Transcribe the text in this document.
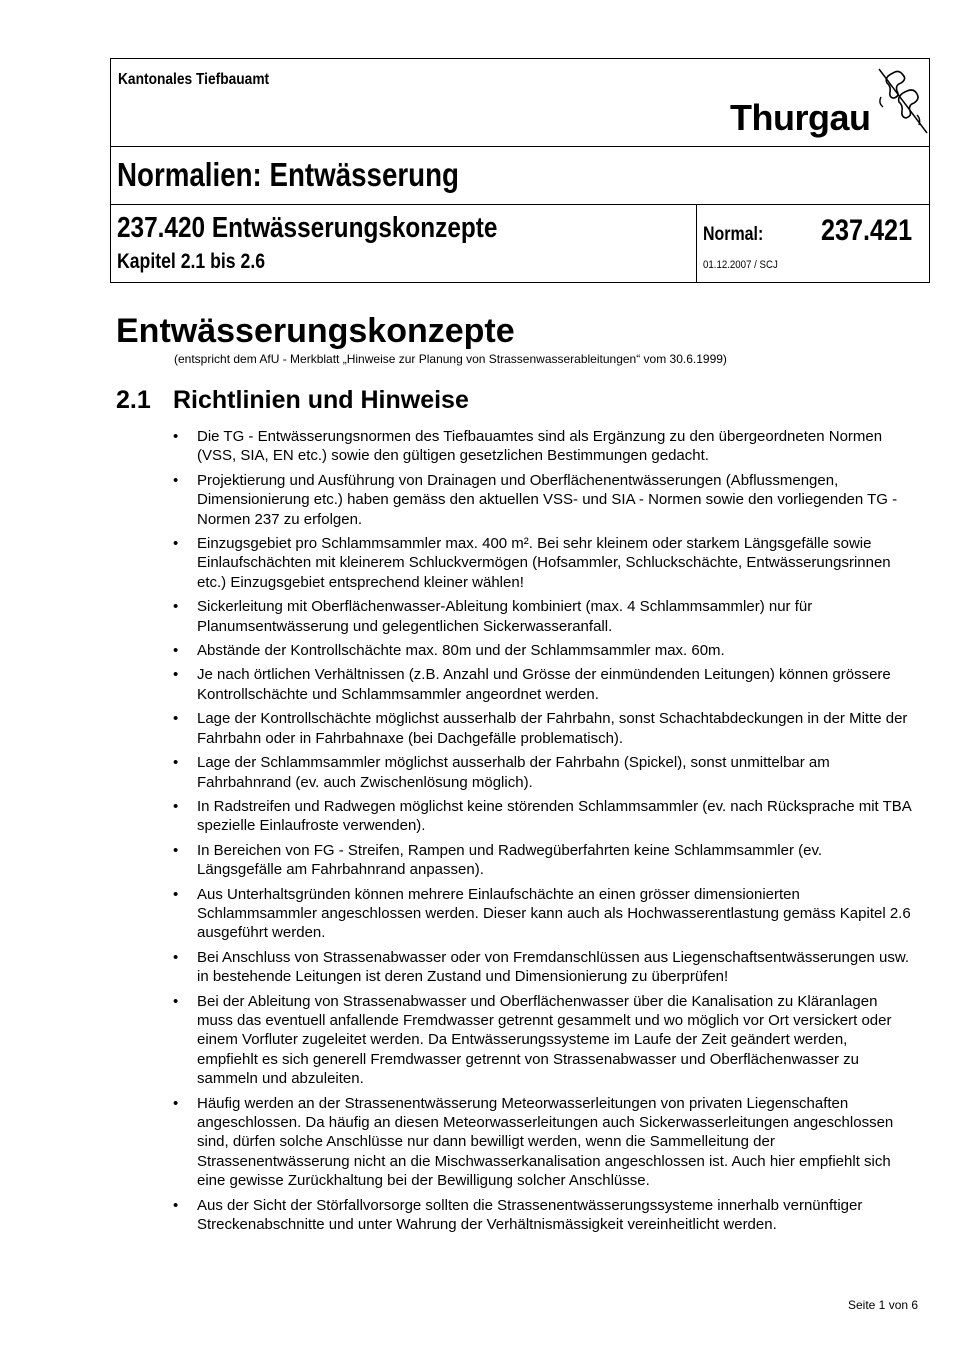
Kantonales Tiefbauamt
Thurgau
Normalien: Entwässerung
237.420 Entwässerungskonzepte
Kapitel 2.1 bis 2.6
Normal: 237.421
01.12.2007 / SCJ
Entwässerungskonzepte
(entspricht dem AfU - Merkblatt „Hinweise zur Planung von Strassenwasserableitungen“ vom 30.6.1999)
2.1 Richtlinien und Hinweise
• Die TG - Entwässerungsnormen des Tiefbauamtes sind als Ergänzung zu den übergeordneten Normen (VSS, SIA, EN etc.) sowie den gültigen gesetzlichen Bestimmungen gedacht.
• Projektierung und Ausführung von Drainagen und Oberflächenentwässerungen (Abflussmengen, Dimensionierung etc.) haben gemäss den aktuellen VSS- und SIA - Normen sowie den vorliegenden TG - Normen 237 zu erfolgen.
• Einzugsgebiet pro Schlammsammler max. 400 m². Bei sehr kleinem oder starkem Längsgefälle sowie Einlaufschächten mit kleinerem Schluckvermögen (Hofsammler, Schluckschächte, Entwässerungsrinnen etc.) Einzugsgebiet entsprechend kleiner wählen!
• Sickerleitung mit Oberflächenwasser-Ableitung kombiniert (max. 4 Schlammsammler) nur für Planumsentwässerung und gelegentlichen Sickerwasseranfall.
• Abstände der Kontrollschächte max. 80m und der Schlammsammler max. 60m.
• Je nach örtlichen Verhältnissen (z.B. Anzahl und Grösse der einmündenden Leitungen) können grössere Kontrollschächte und Schlammsammler angeordnet werden.
• Lage der Kontrollschächte möglichst ausserhalb der Fahrbahn, sonst Schachtabdeckungen in der Mitte der Fahrbahn oder in Fahrbahnaxe (bei Dachgefälle problematisch).
• Lage der Schlammsammler möglichst ausserhalb der Fahrbahn (Spickel), sonst unmittelbar am Fahrbahnrand (ev. auch Zwischenlösung möglich).
• In Radstreifen und Radwegen möglichst keine störenden Schlammsammler (ev. nach Rücksprache mit TBA spezielle Einlaufroste verwenden).
• In Bereichen von FG - Streifen, Rampen und Radwegüberfahrten keine Schlammsammler (ev. Längsgefälle am Fahrbahnrand anpassen).
• Aus Unterhaltsgründen können mehrere Einlaufschächte an einen grösser dimensionierten Schlammsammler angeschlossen werden. Dieser kann auch als Hochwasserentlastung gemäss Kapitel 2.6 ausgeführt werden.
• Bei Anschluss von Strassenabwasser oder von Fremdanschlüssen aus Liegenschaftsentwässerungen usw. in bestehende Leitungen ist deren Zustand und Dimensionierung zu überprüfen!
• Bei der Ableitung von Strassenabwasser und Oberflächenwasser über die Kanalisation zu Kläranlagen muss das eventuell anfallende Fremdwasser getrennt gesammelt und wo möglich vor Ort versickert oder einem Vorfluter zugeleitet werden. Da Entwässerungssysteme im Laufe der Zeit geändert werden, empfiehlt es sich generell Fremdwasser getrennt von Strassenabwasser und Oberflächenwasser zu sammeln und abzuleiten.
• Häufig werden an der Strassenentwässerung Meteorwasserleitungen von privaten Liegenschaften angeschlossen. Da häufig an diesen Meteorwasserleitungen auch Sickerwasserleitungen angeschlossen sind, dürfen solche Anschlüsse nur dann bewilligt werden, wenn die Sammelleitung der Strassenentwässerung nicht an die Mischwasserkanalisation angeschlossen ist. Auch hier empfiehlt sich eine gewisse Zurückhaltung bei der Bewilligung solcher Anschlüsse.
• Aus der Sicht der Störfallvorsorge sollten die Strassenentwässerungssysteme innerhalb vernünftiger Streckenabschnitte und unter Wahrung der Verhältnismässigkeit vereinheitlicht werden.
Seite 1 von 6
